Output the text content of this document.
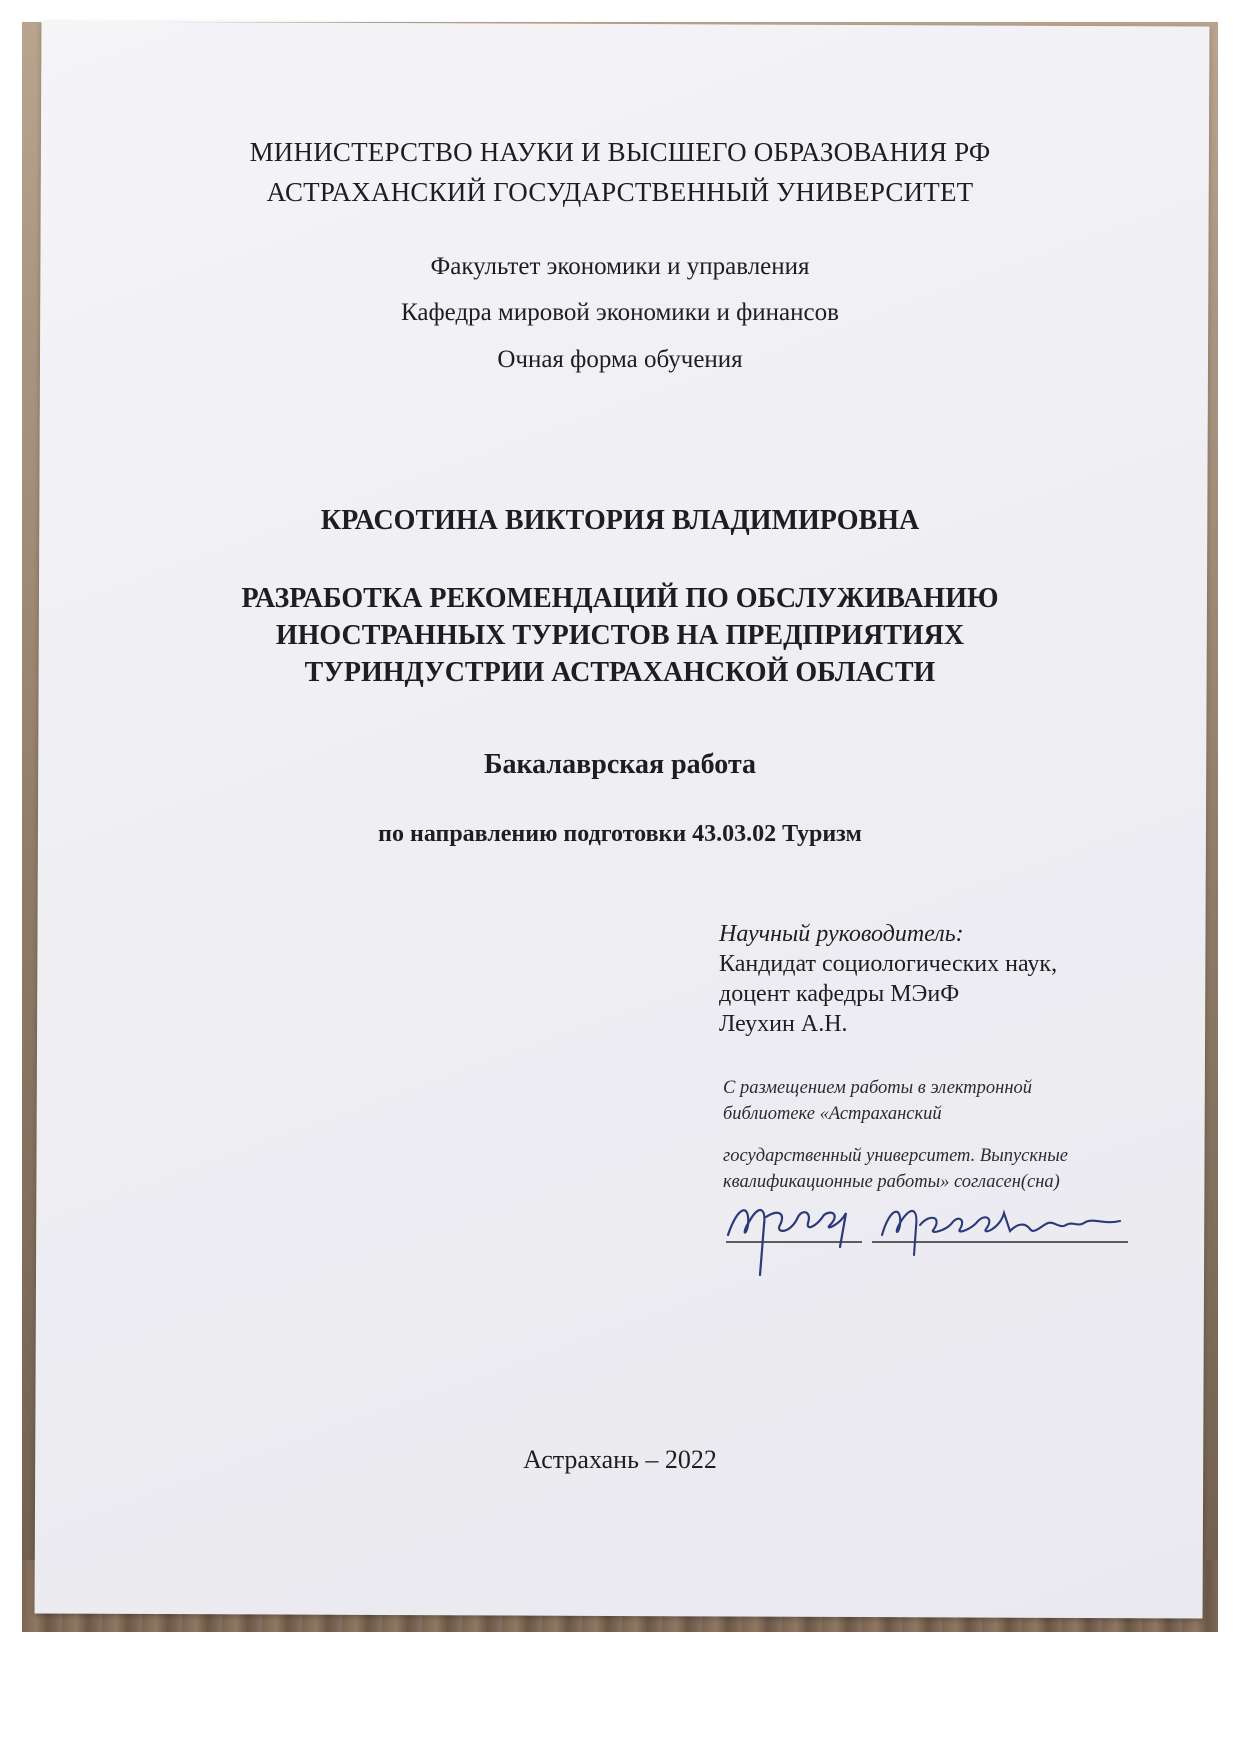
МИНИСТЕРСТВО НАУКИ И ВЫСШЕГО ОБРАЗОВАНИЯ РФ
АСТРАХАНСКИЙ ГОСУДАРСТВЕННЫЙ УНИВЕРСИТЕТ
Факультет экономики и управления
Кафедра мировой экономики и финансов
Очная форма обучения
КРАСОТИНА ВИКТОРИЯ ВЛАДИМИРОВНА
РАЗРАБОТКА РЕКОМЕНДАЦИЙ ПО ОБСЛУЖИВАНИЮ
ИНОСТРАННЫХ ТУРИСТОВ НА ПРЕДПРИЯТИЯХ
ТУРИНДУСТРИИ АСТРАХАНСКОЙ ОБЛАСТИ
Бакалаврская работа
по направлению подготовки 43.03.02 Туризм
Научный руководитель:
Кандидат социологических наук,
доцент кафедры МЭиФ
Леухин А.Н.
С размещением работы в электронной
библиотеке «Астраханский
государственный университет. Выпускные
квалификационные работы» согласен(сна)
Астрахань – 2022
